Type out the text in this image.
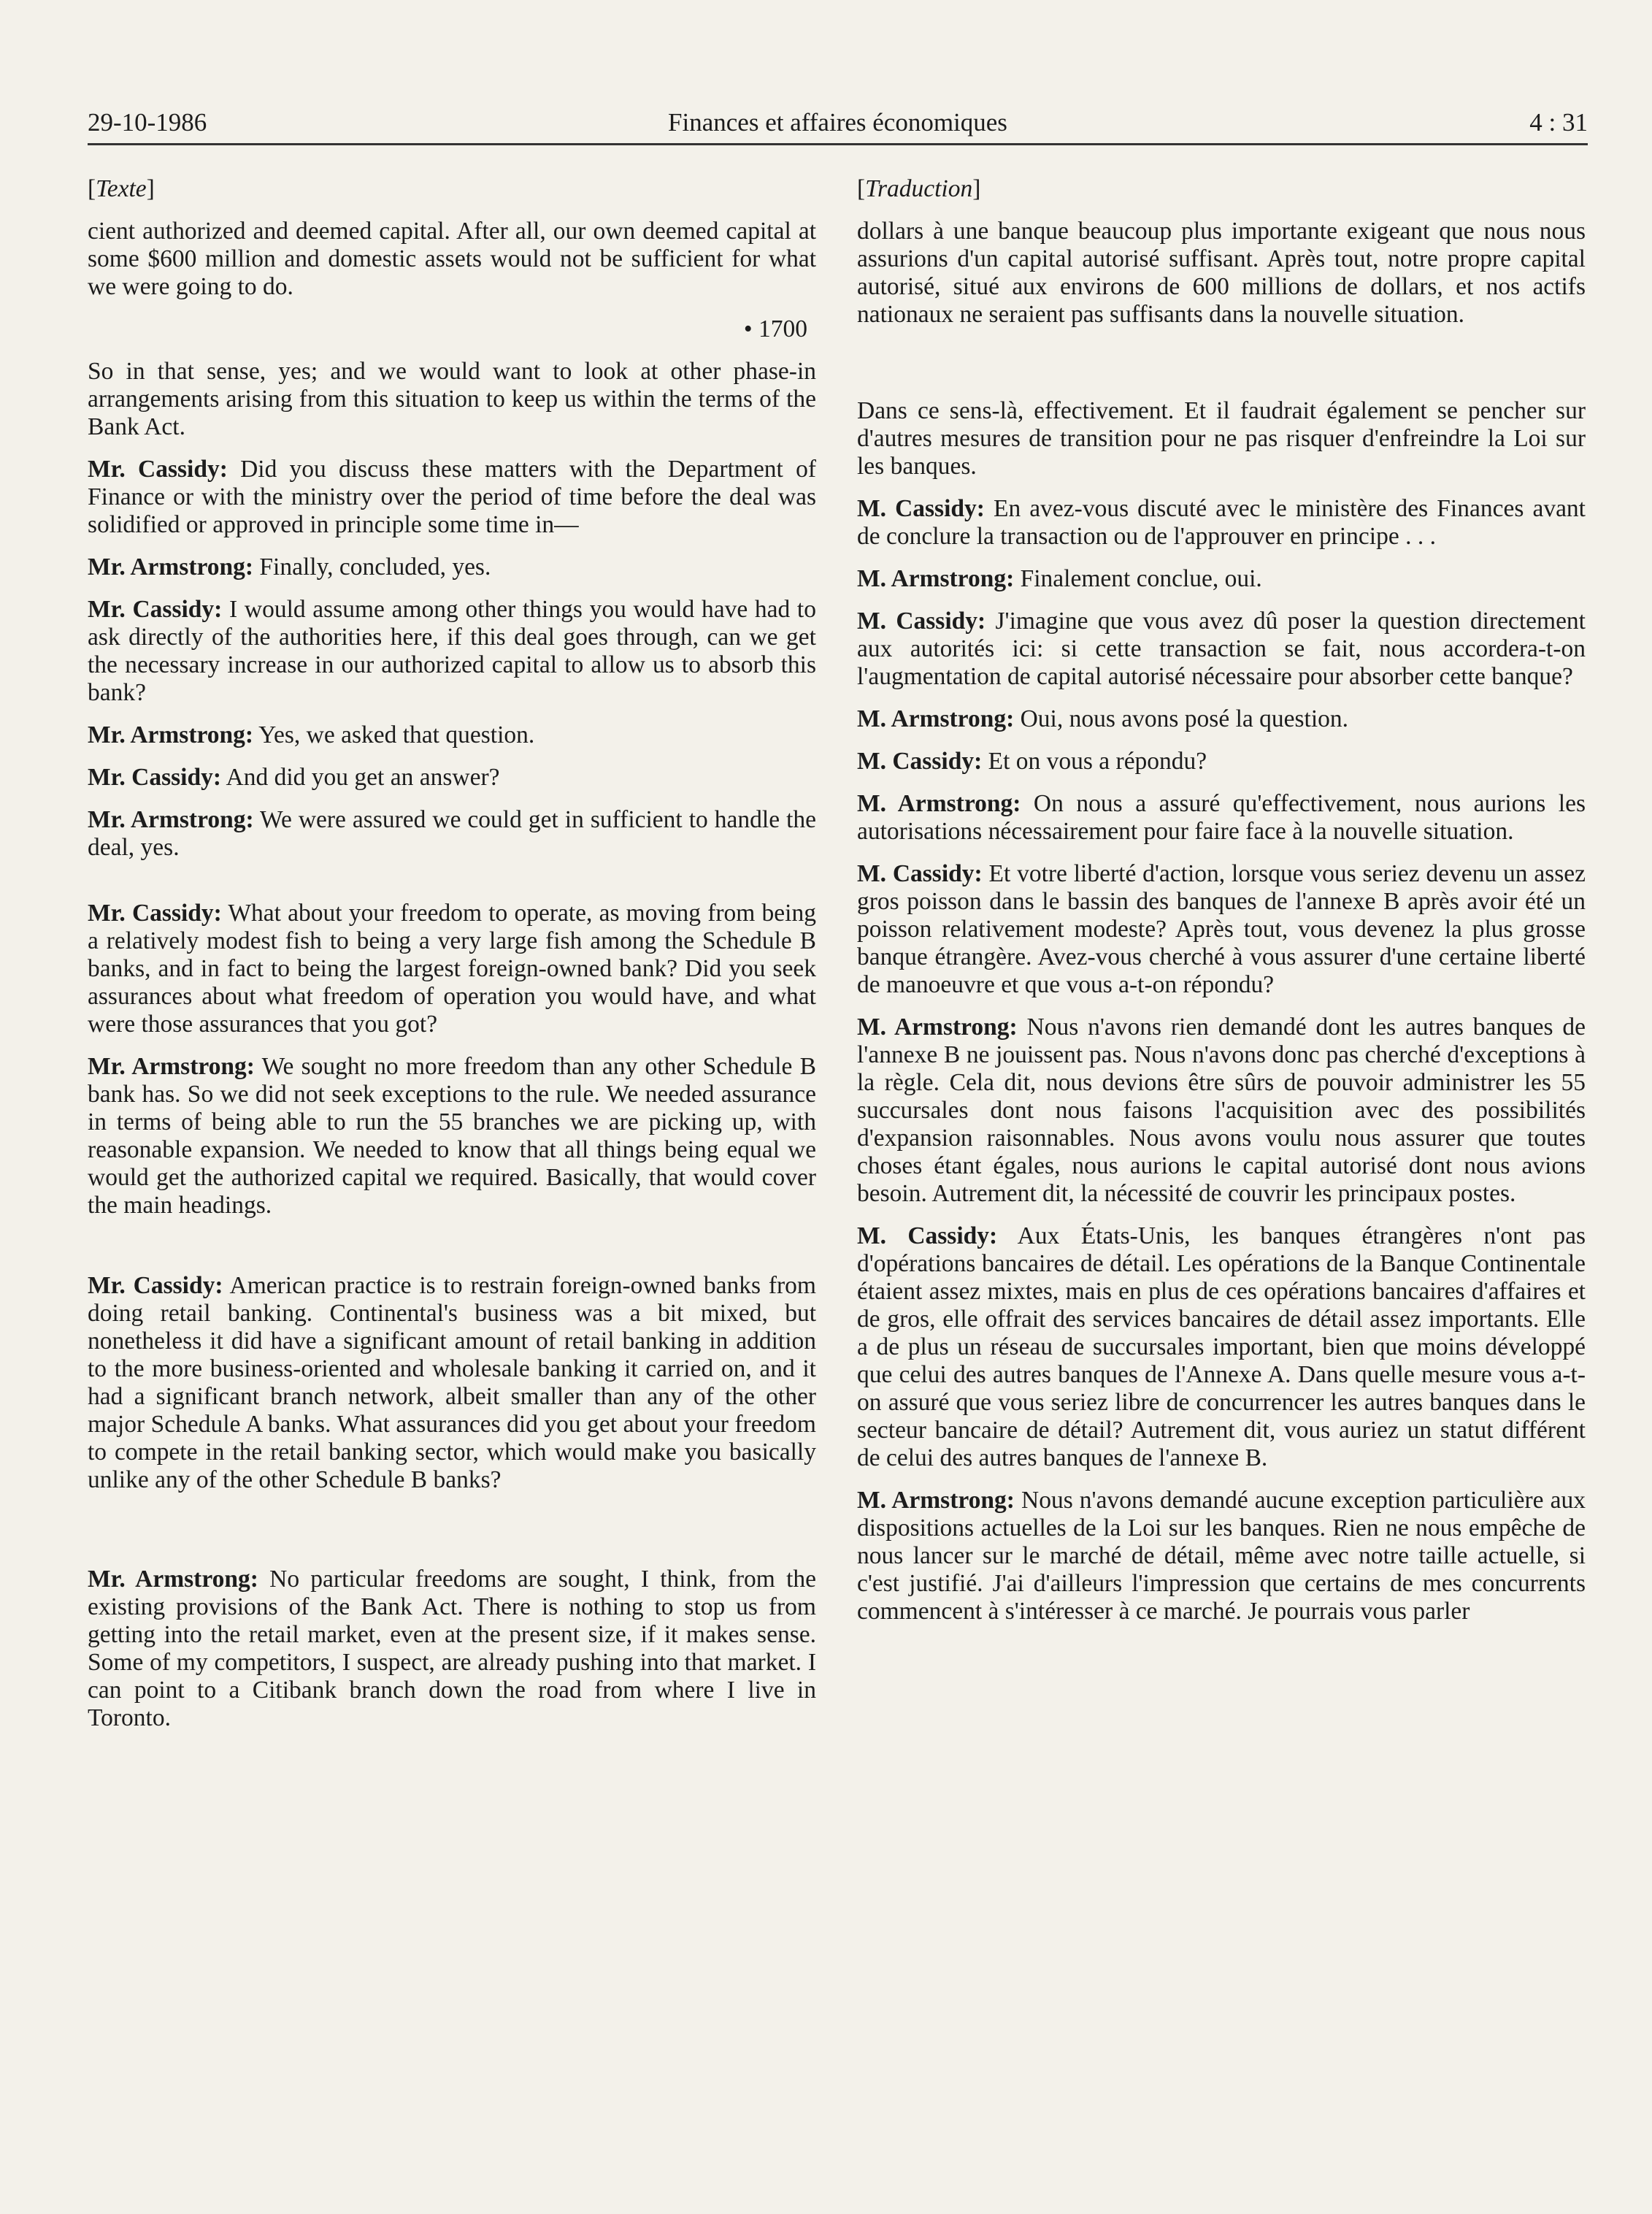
29-10-1986	Finances et affaires économiques	4 : 31

[Texte]

cient authorized and deemed capital. After all, our own deemed capital at some $600 million and domestic assets would not be sufficient for what we were going to do.

• 1700

So in that sense, yes; and we would want to look at other phase-in arrangements arising from this situation to keep us within the terms of the Bank Act.

Mr. Cassidy: Did you discuss these matters with the Department of Finance or with the ministry over the period of time before the deal was solidified or approved in principle some time in—

Mr. Armstrong: Finally, concluded, yes.

Mr. Cassidy: I would assume among other things you would have had to ask directly of the authorities here, if this deal goes through, can we get the necessary increase in our authorized capital to allow us to absorb this bank?

Mr. Armstrong: Yes, we asked that question.

Mr. Cassidy: And did you get an answer?

Mr. Armstrong: We were assured we could get in sufficient to handle the deal, yes.

Mr. Cassidy: What about your freedom to operate, as moving from being a relatively modest fish to being a very large fish among the Schedule B banks, and in fact to being the largest foreign-owned bank? Did you seek assurances about what freedom of operation you would have, and what were those assurances that you got?

Mr. Armstrong: We sought no more freedom than any other Schedule B bank has. So we did not seek exceptions to the rule. We needed assurance in terms of being able to run the 55 branches we are picking up, with reasonable expansion. We needed to know that all things being equal we would get the authorized capital we required. Basically, that would cover the main headings.

Mr. Cassidy: American practice is to restrain foreign-owned banks from doing retail banking. Continental's business was a bit mixed, but nonetheless it did have a significant amount of retail banking in addition to the more business-oriented and wholesale banking it carried on, and it had a significant branch network, albeit smaller than any of the other major Schedule A banks. What assurances did you get about your freedom to compete in the retail banking sector, which would make you basically unlike any of the other Schedule B banks?

Mr. Armstrong: No particular freedoms are sought, I think, from the existing provisions of the Bank Act. There is nothing to stop us from getting into the retail market, even at the present size, if it makes sense. Some of my competitors, I suspect, are already pushing into that market. I can point to a Citibank branch down the road from where I live in Toronto.

[Traduction]

dollars à une banque beaucoup plus importante exigeant que nous nous assurions d'un capital autorisé suffisant. Après tout, notre propre capital autorisé, situé aux environs de 600 millions de dollars, et nos actifs nationaux ne seraient pas suffisants dans la nouvelle situation.

Dans ce sens-là, effectivement. Et il faudrait également se pencher sur d'autres mesures de transition pour ne pas risquer d'enfreindre la Loi sur les banques.

M. Cassidy: En avez-vous discuté avec le ministère des Finances avant de conclure la transaction ou de l'approuver en principe . . .

M. Armstrong: Finalement conclue, oui.

M. Cassidy: J'imagine que vous avez dû poser la question directement aux autorités ici: si cette transaction se fait, nous accordera-t-on l'augmentation de capital autorisé nécessaire pour absorber cette banque?

M. Armstrong: Oui, nous avons posé la question.

M. Cassidy: Et on vous a répondu?

M. Armstrong: On nous a assuré qu'effectivement, nous aurions les autorisations nécessairement pour faire face à la nouvelle situation.

M. Cassidy: Et votre liberté d'action, lorsque vous seriez devenu un assez gros poisson dans le bassin des banques de l'annexe B après avoir été un poisson relativement modeste? Après tout, vous devenez la plus grosse banque étrangère. Avez-vous cherché à vous assurer d'une certaine liberté de manoeuvre et que vous a-t-on répondu?

M. Armstrong: Nous n'avons rien demandé dont les autres banques de l'annexe B ne jouissent pas. Nous n'avons donc pas cherché d'exceptions à la règle. Cela dit, nous devions être sûrs de pouvoir administrer les 55 succursales dont nous faisons l'acquisition avec des possibilités d'expansion raisonnables. Nous avons voulu nous assurer que toutes choses étant égales, nous aurions le capital autorisé dont nous avions besoin. Autrement dit, la nécessité de couvrir les principaux postes.

M. Cassidy: Aux États-Unis, les banques étrangères n'ont pas d'opérations bancaires de détail. Les opérations de la Banque Continentale étaient assez mixtes, mais en plus de ces opérations bancaires d'affaires et de gros, elle offrait des services bancaires de détail assez importants. Elle a de plus un réseau de succursales important, bien que moins développé que celui des autres banques de l'Annexe A. Dans quelle mesure vous a-t-on assuré que vous seriez libre de concurrencer les autres banques dans le secteur bancaire de détail? Autrement dit, vous auriez un statut différent de celui des autres banques de l'annexe B.

M. Armstrong: Nous n'avons demandé aucune exception particulière aux dispositions actuelles de la Loi sur les banques. Rien ne nous empêche de nous lancer sur le marché de détail, même avec notre taille actuelle, si c'est justifié. J'ai d'ailleurs l'impression que certains de mes concurrents commencent à s'intéresser à ce marché. Je pourrais vous parler
